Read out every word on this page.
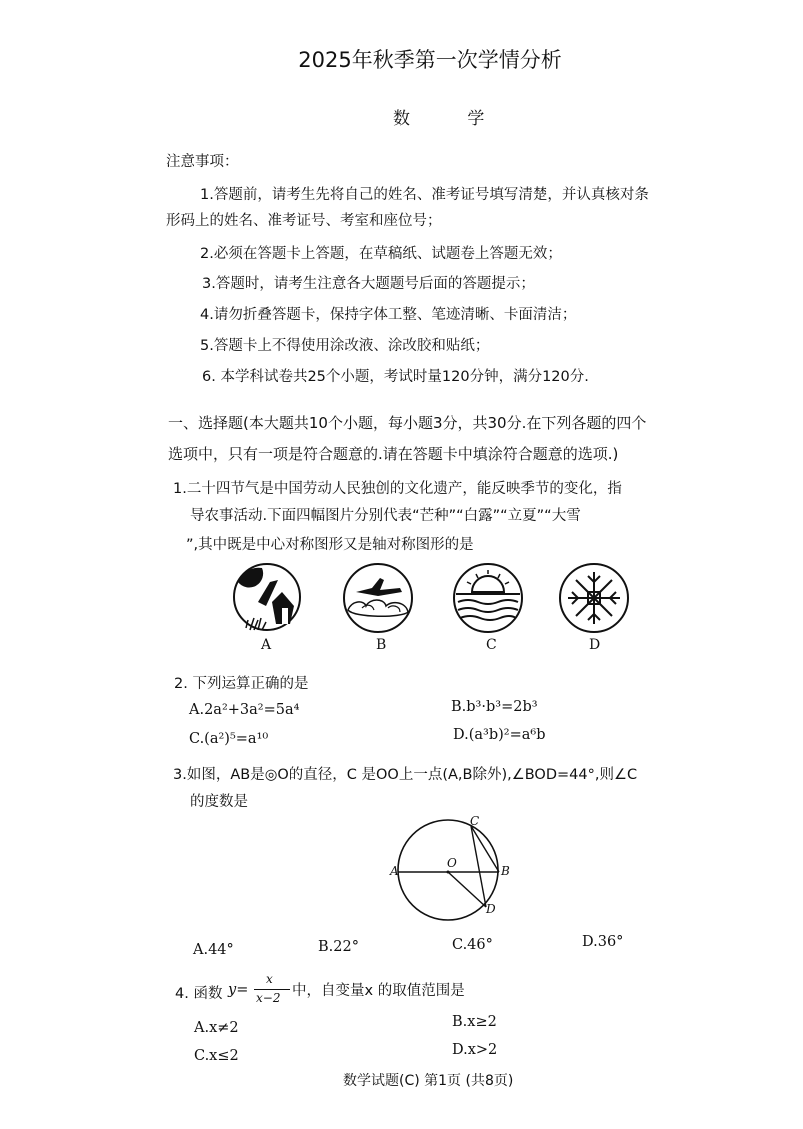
2025年秋季第一次学情分析
数 学
注意事项：
1.答题前，请考生先将自己的姓名、准考证号填写清楚，并认真核对条
形码上的姓名、准考证号、考室和座位号；
2.必须在答题卡上答题，在草稿纸、试题卷上答题无效；
3.答题时，请考生注意各大题题号后面的答题提示；
4.请勿折叠答题卡，保持字体工整、笔迹清晰、卡面清洁；
5.答题卡上不得使用涂改液、涂改胶和贴纸；
6. 本学科试卷共25个小题，考试时量120分钟，满分120分.
一、选择题(本大题共10个小题，每小题3分，共30分.在下列各题的四个
选项中，只有一项是符合题意的.请在答题卡中填涂符合题意的选项.)
1.二十四节气是中国劳动人民独创的文化遗产，能反映季节的变化，指
导农事活动.下面四幅图片分别代表“芒种”“白露”“立夏”“大雪
”,其中既是中心对称图形又是轴对称图形的是
A	B	C	D
2. 下列运算正确的是
A.2a²+3a²=5a⁴	B.b³·b³=2b³
C.(a²)⁵=a¹⁰	D.(a³b)²=a⁶b
3.如图，AB是◎O的直径，C 是OO上一点(A,B除外),∠BOD=44°,则∠C
的度数是
A
O
B
C
D
A.44°	B.22°	C.46°	D.36°
4. 函数 y=
x
x−2 中，自变量x 的取值范围是
A.x≠2	B.x≥2
C.x≤2	D.x>2
数学试题(C) 第1页 (共8页)
